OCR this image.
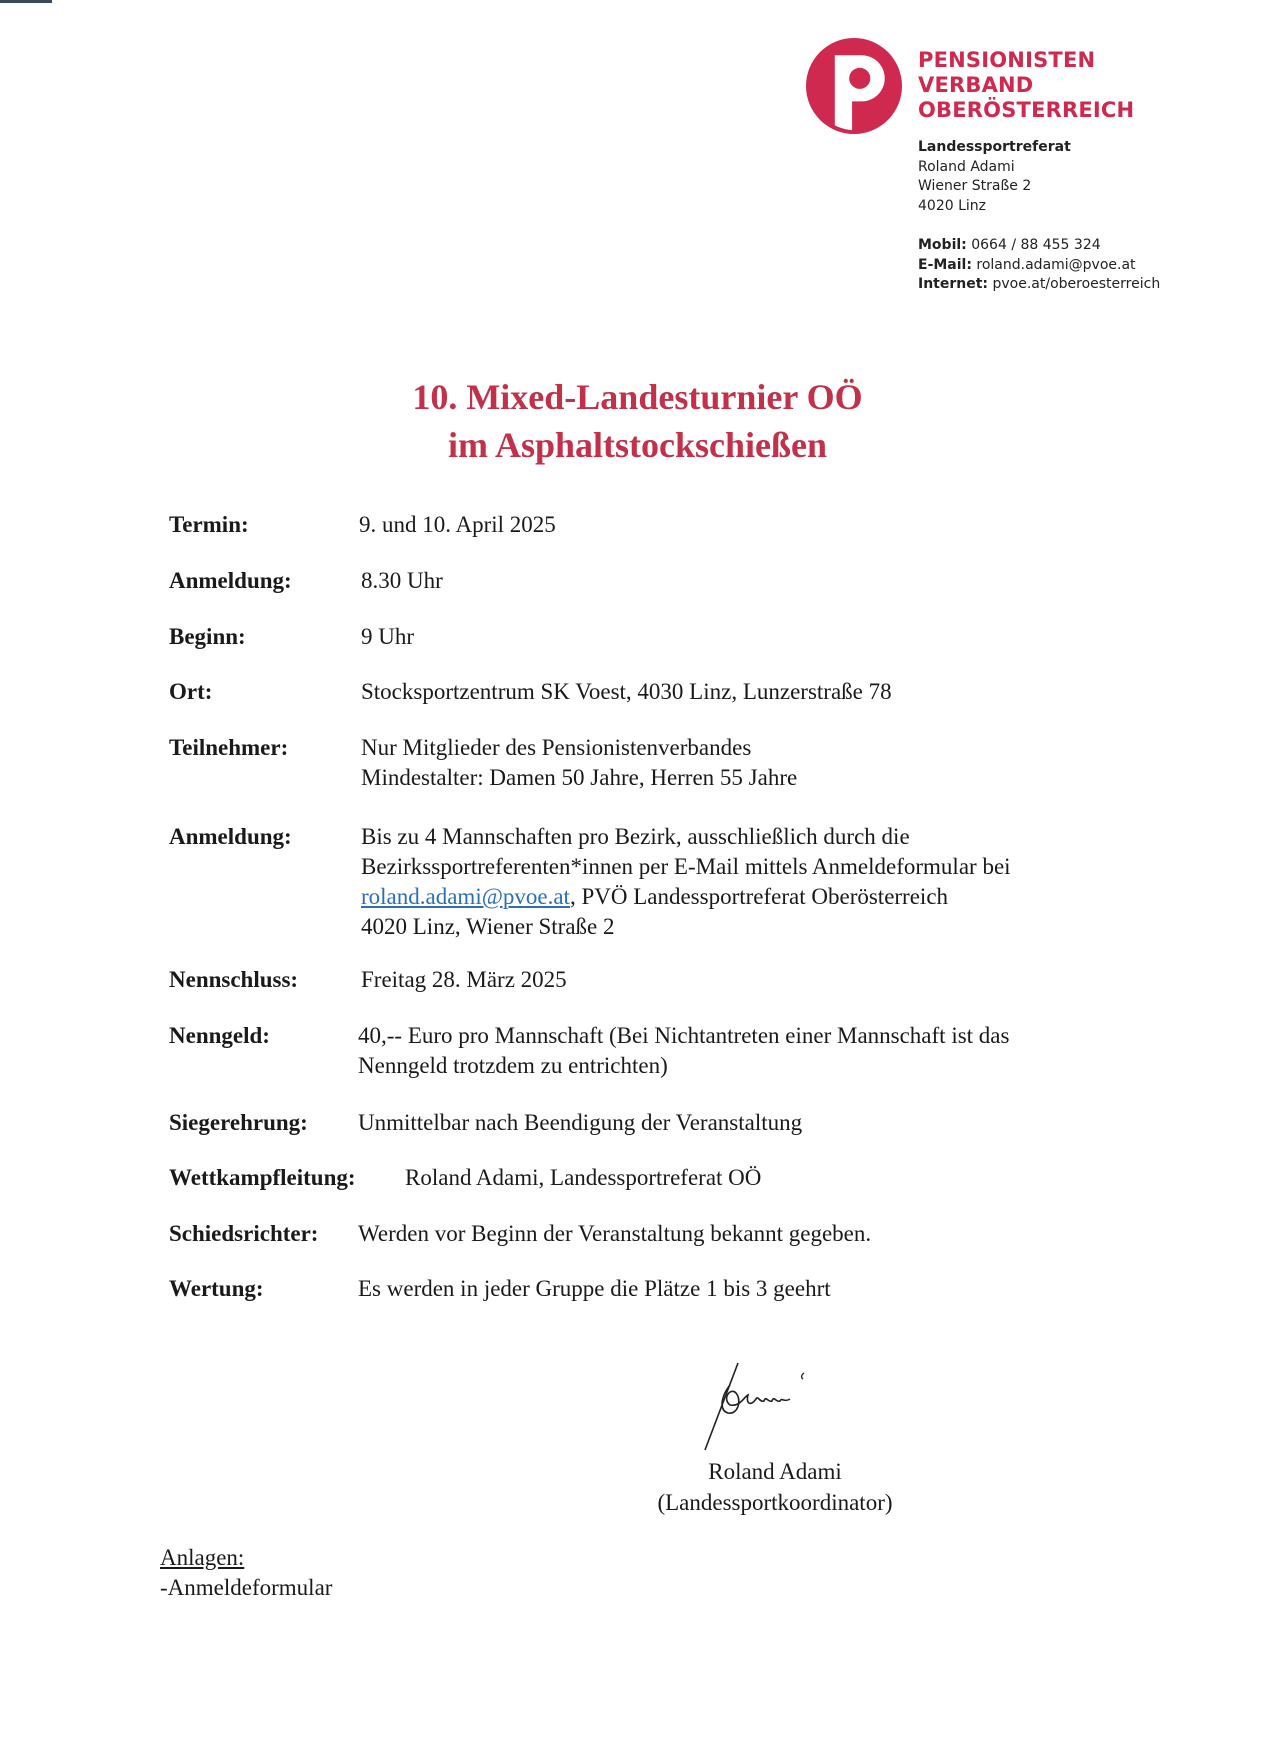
PENSIONISTEN
VERBAND
OBERÖSTERREICH
Landessportreferat
Roland Adami
Wiener Straße 2
4020 Linz
Mobil: 0664 / 88 455 324
E-Mail: roland.adami@pvoe.at
Internet: pvoe.at/oberoesterreich
10. Mixed-Landesturnier OÖ
im Asphaltstockschießen
Termin:	9. und 10. April 2025
Anmeldung:	8.30 Uhr
Beginn:	9 Uhr
Ort:	Stocksportzentrum SK Voest, 4030 Linz, Lunzerstraße 78
Teilnehmer:	Nur Mitglieder des Pensionistenverbandes
Mindestalter: Damen 50 Jahre, Herren 55 Jahre
Anmeldung:	Bis zu 4 Mannschaften pro Bezirk, ausschließlich durch die
Bezirkssportreferenten*innen per E-Mail mittels Anmeldeformular bei
roland.adami@pvoe.at, PVÖ Landessportreferat Oberösterreich
4020 Linz, Wiener Straße 2
Nennschluss:	Freitag 28. März 2025
Nenngeld:	40,-- Euro pro Mannschaft (Bei Nichtantreten einer Mannschaft ist das
Nenngeld trotzdem zu entrichten)
Siegerehrung: Unmittelbar nach Beendigung der Veranstaltung
Wettkampfleitung: Roland Adami, Landessportreferat OÖ
Schiedsrichter: Werden vor Beginn der Veranstaltung bekannt gegeben.
Wertung:	Es werden in jeder Gruppe die Plätze 1 bis 3 geehrt
Roland Adami
(Landessportkoordinator)
Anlagen:
-Anmeldeformular
